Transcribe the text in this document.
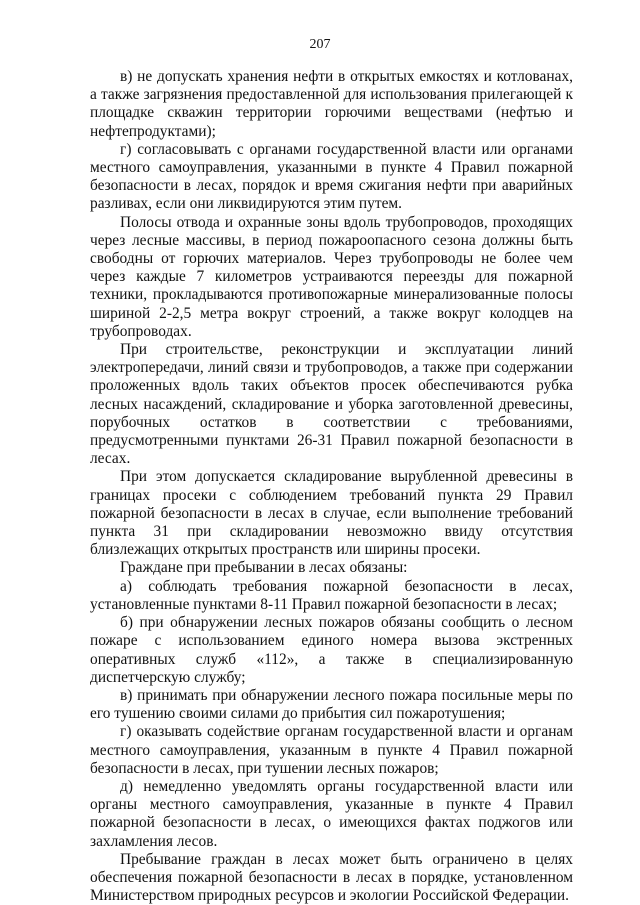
207

в) не допускать хранения нефти в открытых емкостях и котлованах, а также загрязнения предоставленной для использования прилегающей к площадке скважин территории горючими веществами (нефтью и нефтепродуктами);

г) согласовывать с органами государственной власти или органами местного самоуправления, указанными в пункте 4 Правил пожарной безопасности в лесах, порядок и время сжигания нефти при аварийных разливах, если они ликвидируются этим путем.

Полосы отвода и охранные зоны вдоль трубопроводов, проходящих через лесные массивы, в период пожароопасного сезона должны быть свободны от горючих материалов. Через трубопроводы не более чем через каждые 7 километров устраиваются переезды для пожарной техники, прокладываются противопожарные минерализованные полосы шириной 2-2,5 метра вокруг строений, а также вокруг колодцев на трубопроводах.

При строительстве, реконструкции и эксплуатации линий электропередачи, линий связи и трубопроводов, а также при содержании проложенных вдоль таких объектов просек обеспечиваются рубка лесных насаждений, складирование и уборка заготовленной древесины, порубочных остатков в соответствии с требованиями, предусмотренными пунктами 26-31 Правил пожарной безопасности в лесах.

При этом допускается складирование вырубленной древесины в границах просеки с соблюдением требований пункта 29 Правил пожарной безопасности в лесах в случае, если выполнение требований пункта 31 при складировании невозможно ввиду отсутствия близлежащих открытых пространств или ширины просеки.

Граждане при пребывании в лесах обязаны:

а) соблюдать требования пожарной безопасности в лесах, установленные пунктами 8-11 Правил пожарной безопасности в лесах;

б) при обнаружении лесных пожаров обязаны сообщить о лесном пожаре с использованием единого номера вызова экстренных оперативных служб «112», а также в специализированную диспетчерскую службу;

в) принимать при обнаружении лесного пожара посильные меры по его тушению своими силами до прибытия сил пожаротушения;

г) оказывать содействие органам государственной власти и органам местного самоуправления, указанным в пункте 4 Правил пожарной безопасности в лесах, при тушении лесных пожаров;

д) немедленно уведомлять органы государственной власти или органы местного самоуправления, указанные в пункте 4 Правил пожарной безопасности в лесах, о имеющихся фактах поджогов или захламления лесов.

Пребывание граждан в лесах может быть ограничено в целях обеспечения пожарной безопасности в лесах в порядке, установленном Министерством природных ресурсов и экологии Российской Федерации.
